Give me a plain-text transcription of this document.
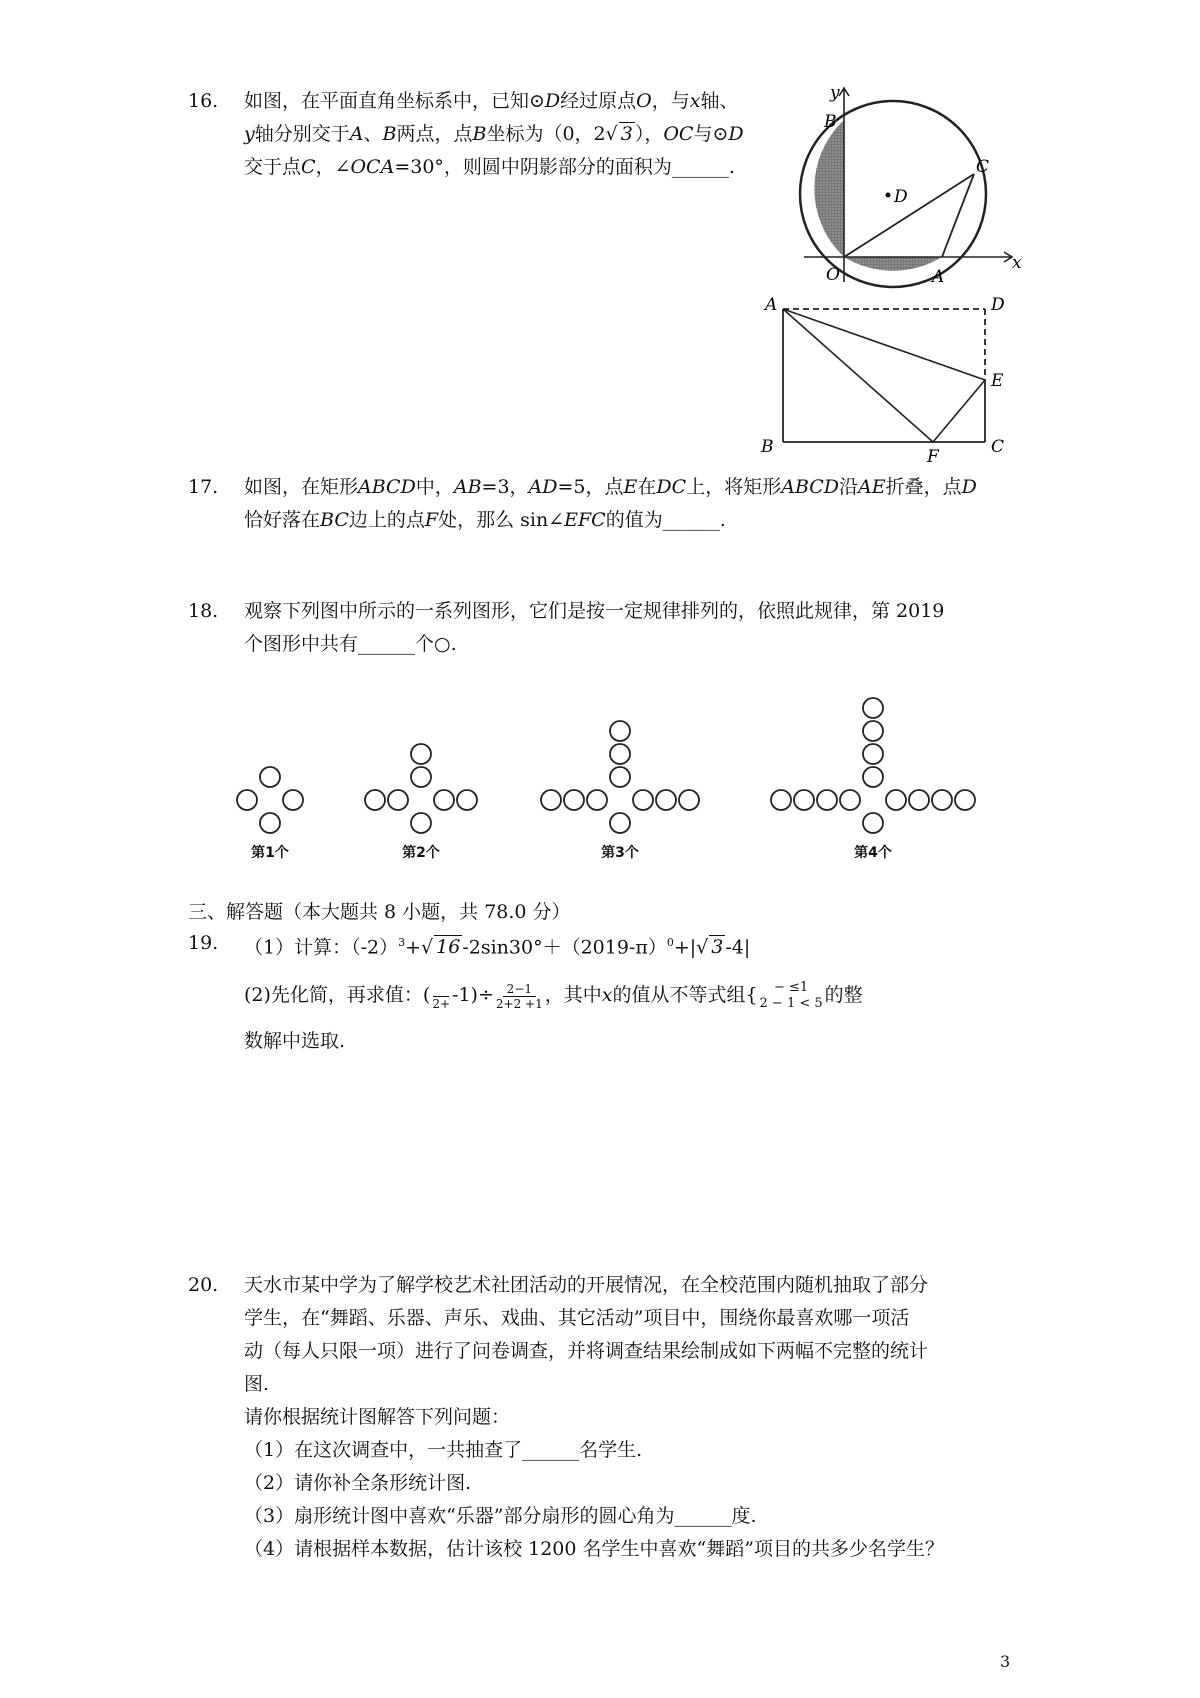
16. 如图，在平面直角坐标系中，已知⊙D经过原点O，与x轴、
y轴分别交于A、B两点，点B坐标为（0，2√ 3 ），OC与⊙D
交于点C，∠OCA=30°，则圆中阴影部分的面积为______.
y
x
B
C
D
O	A
A	D
E
B	F	C
17. 如图，在矩形ABCD中，AB=3，AD=5，点E在DC上，将矩形ABCD沿AE折叠，点D
恰好落在BC边上的点F处，那么 sin∠EFC的值为______.
18. 观察下列图中所示的一系列图形，它们是按一定规律排列的，依照此规律，第 2019
个图形中共有______个○.
第1个	第2个	第3个	第4个
三、解答题（本大题共 8 小题，共 78.0 分）
19. （1）计算：$(-2)^3+√$ 16 $-2\sin 30^\circ+(2019-\pi)^0+|√$ 3 -4|
(2)先化简，再求值：(
$2+ -1)\div \frac{2-1}{2+2 +1}$ ，其中x的值从不等式组{ − ≤1
2 − 1 < 5 的整
数解中选取.
20. 天水市某中学为了解学校艺术社团活动的开展情况，在全校范围内随机抽取了部分
学生，在“舞蹈、乐器、声乐、戏曲、其它活动”项目中，围绕你最喜欢哪一项活
动（每人只限一项）进行了问卷调查，并将调查结果绘制成如下两幅不完整的统计
图.
请你根据统计图解答下列问题：
（1）在这次调查中，一共抽查了______名学生.
（2）请你补全条形统计图.
（3）扇形统计图中喜欢“乐器”部分扇形的圆心角为______度.
（4）请根据样本数据，估计该校 1200 名学生中喜欢“舞蹈”项目的共多少名学生？
3
